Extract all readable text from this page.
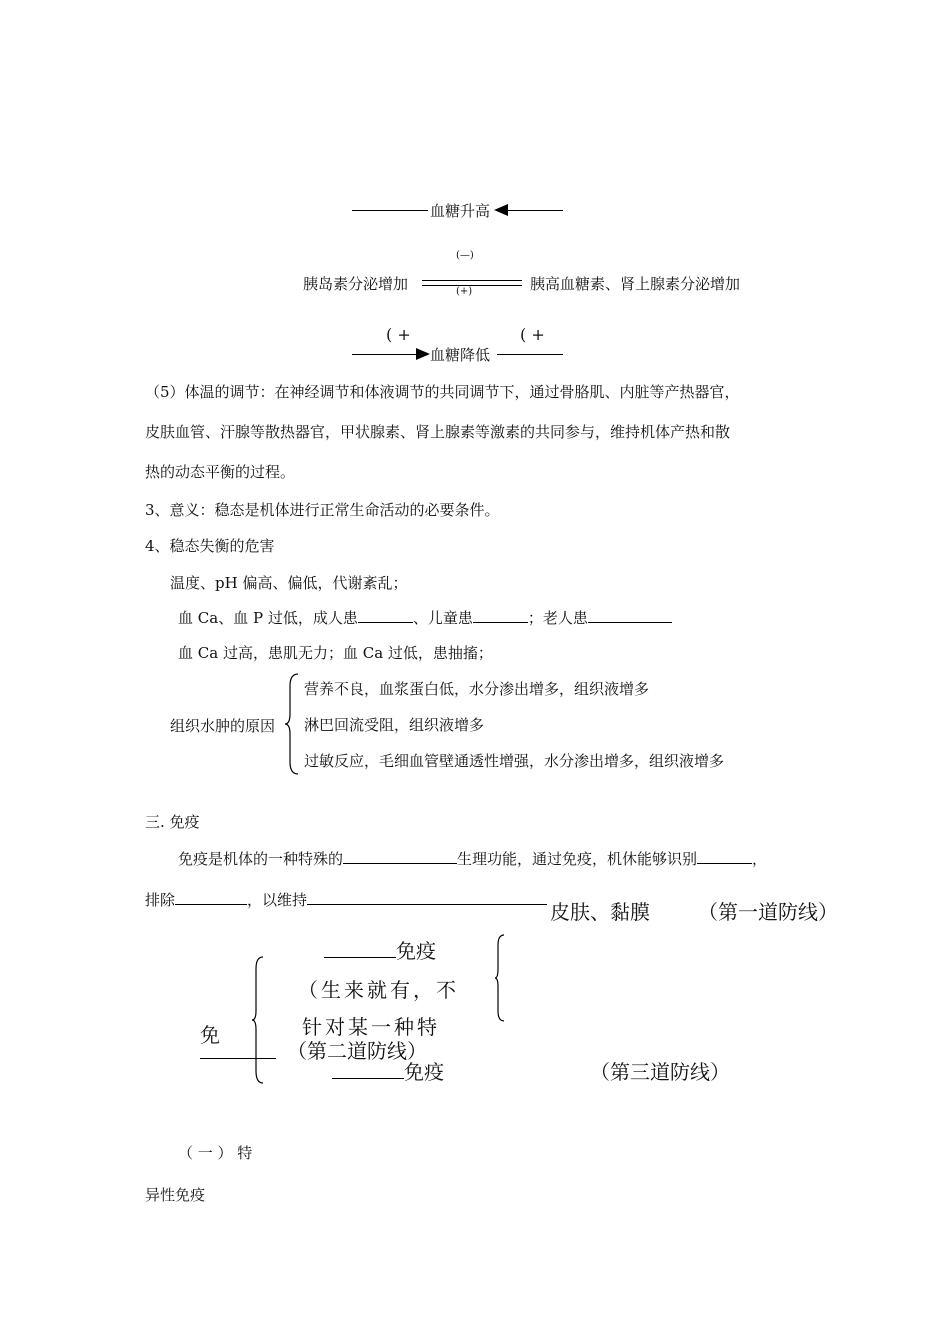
血糖升高
(—)
胰岛素分泌增加	(+)	胰高血糖素、肾上腺素分泌增加
( +	( +
血糖降低
（5）体温的调节：在神经调节和体液调节的共同调节下，通过骨胳肌、内脏等产热器官，
皮肤血管、汗腺等散热器官，甲状腺素、肾上腺素等激素的共同参与，维持机体产热和散
热的动态平衡的过程。
3、意义：稳态是机体进行正常生命活动的必要条件。
4、稳态失衡的危害
温度、pH 偏高、偏低，代谢紊乱；
血 Ca、血 P 过低，成人患	、儿童患	；老人患
血 Ca 过高，患肌无力；血 Ca 过低，患抽搐；
组织水肿的原因
营养不良，血浆蛋白低，水分渗出增多，组织液增多
淋巴回流受阻，组织液增多
过敏反应，毛细血管壁通透性增强，水分渗出增多，组织液增多
三. 免疫
免疫是机体的一种特殊的	生理功能，通过免疫，机休能够识别	，
排除	，以维持	皮肤、黏膜 （第一道防线）
免疫
（生来就有，不
针对某一种特
免
（第二道防线）
免疫	（第三道防线）
（ 一 ） 特
异性免疫
